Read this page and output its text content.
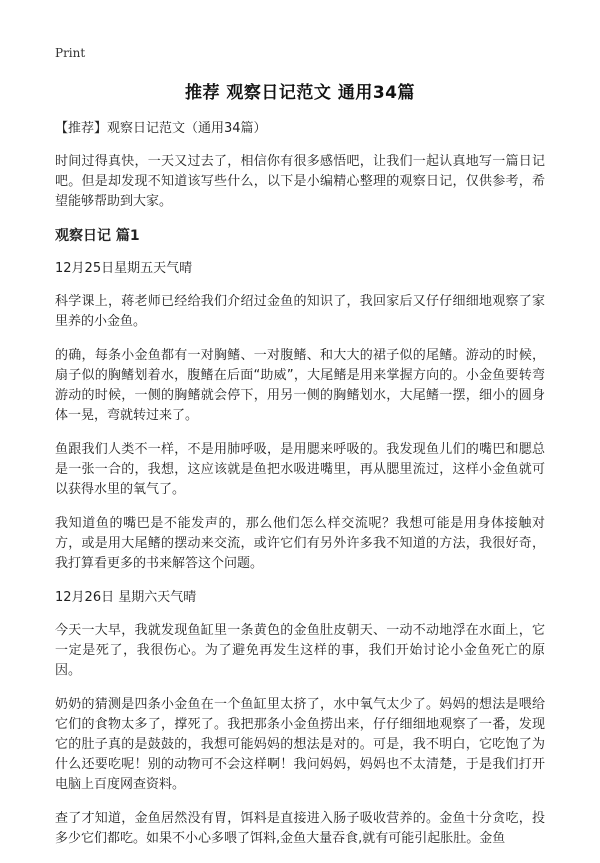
Print
推荐 观察日记范文 通用34篇

【推荐】观察日记范文（通用34篇）

时间过得真快，一天又过去了，相信你有很多感悟吧，让我们一起认真地写一篇日记吧。但是却发现不知道该写些什么，以下是小编精心整理的观察日记，仅供参考，希望能够帮助到大家。

观察日记 篇1

12月25日星期五天气晴

科学课上，蒋老师已经给我们介绍过金鱼的知识了，我回家后又仔仔细细地观察了家里养的小金鱼。

的确，每条小金鱼都有一对胸鳍、一对腹鳍、和大大的裙子似的尾鳍。游动的时候，扇子似的胸鳍划着水，腹鳍在后面“助威”，大尾鳍是用来掌握方向的。小金鱼要转弯游动的时候，一侧的胸鳍就会停下，用另一侧的胸鳍划水，大尾鳍一摆，细小的圆身体一晃，弯就转过来了。

鱼跟我们人类不一样，不是用肺呼吸，是用腮来呼吸的。我发现鱼儿们的嘴巴和腮总是一张一合的，我想，这应该就是鱼把水吸进嘴里，再从腮里流过，这样小金鱼就可以获得水里的氧气了。

我知道鱼的嘴巴是不能发声的，那么他们怎么样交流呢？我想可能是用身体接触对方，或是用大尾鳍的摆动来交流，或许它们有另外许多我不知道的方法，我很好奇，我打算看更多的书来解答这个问题。

12月26日 星期六天气晴

今天一大早，我就发现鱼缸里一条黄色的金鱼肚皮朝天、一动不动地浮在水面上，它一定是死了，我很伤心。为了避免再发生这样的事，我们开始讨论小金鱼死亡的原因。

奶奶的猜测是四条小金鱼在一个鱼缸里太挤了，水中氧气太少了。妈妈的想法是喂给它们的食物太多了，撑死了。我把那条小金鱼捞出来，仔仔细细地观察了一番，发现它的肚子真的是鼓鼓的，我想可能妈妈的想法是对的。可是，我不明白，它吃饱了为什么还要吃呢！别的动物可不会这样啊！我问妈妈，妈妈也不太清楚，于是我们打开电脑上百度网查资料。

查了才知道，金鱼居然没有胃，饵料是直接进入肠子吸收营养的。金鱼十分贪吃，投多少它们都吃。如果不小心多喂了饵料,金鱼大量吞食,就有可能引起胀肚。金鱼
